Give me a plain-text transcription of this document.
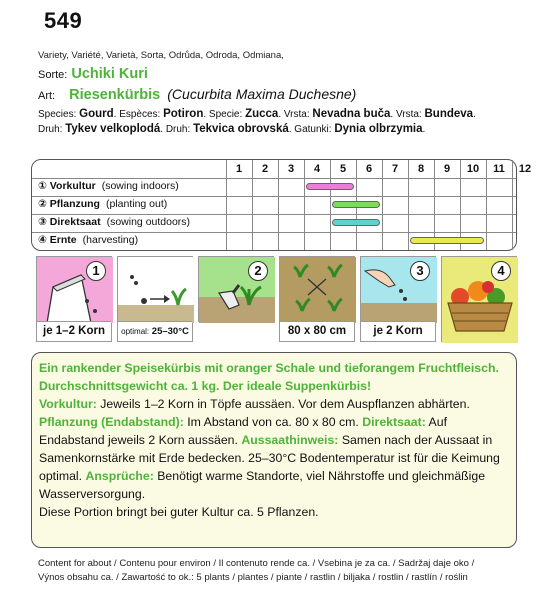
549
Variety, Variété, Varietà, Sorta, Odrůda, Odroda, Odmiana,
Sorte: Uchiki Kuri
Art: Riesenkürbis (Cucurbita Maxima Duchesne)
Species: Gourd. Espèces: Potiron. Specie: Zucca. Vrsta: Nevadna buča. Vrsta: Bundeva.
Druh: Tykev velkoplodá. Druh: Tekvica obrovská. Gatunki: Dynia olbrzymia.
1	2	3	4	5	6	7	8	9	10	11	12
① Vorkultur (sowing indoors)
② Pflanzung (planting out)
③ Direktsaat (sowing outdoors)
④ Ernte (harvesting)
1
je 1–2 Korn	optimal: 25–30°C
2
80 x 80 cm
3
je 2 Korn
4

Ein rankender Speisekürbis mit oranger Schale und tieforangem Fruchtfleisch. Durchschnittsgewicht ca. 1 kg. Der ideale Suppenkürbis!

Vorkultur: Jeweils 1–2 Korn in Töpfe aussäen. Vor dem Auspflanzen abhärten.

Pflanzung (Endabstand): Im Abstand von ca. 80 x 80 cm. Direktsaat: Auf Endabstand jeweils 2 Korn aussäen. Aussaathinweis: Samen nach der Aussaat in Samenkornstärke mit Erde bedecken. 25–30°C Bodentemperatur ist für die Keimung optimal. Ansprüche: Benötigt warme Standorte, viel Nährstoffe und gleichmäßige Wasserversorgung.

Diese Portion bringt bei guter Kultur ca. 5 Pflanzen.

Content for about / Contenu pour environ / Il contenuto rende ca. / Vsebina je za ca. / Sadržaj daje oko /
Výnos obsahu ca. / Zawartość to ok.: 5 plants / plantes / piante / rastlin / biljaka / rostlin / rastlín / roślin
